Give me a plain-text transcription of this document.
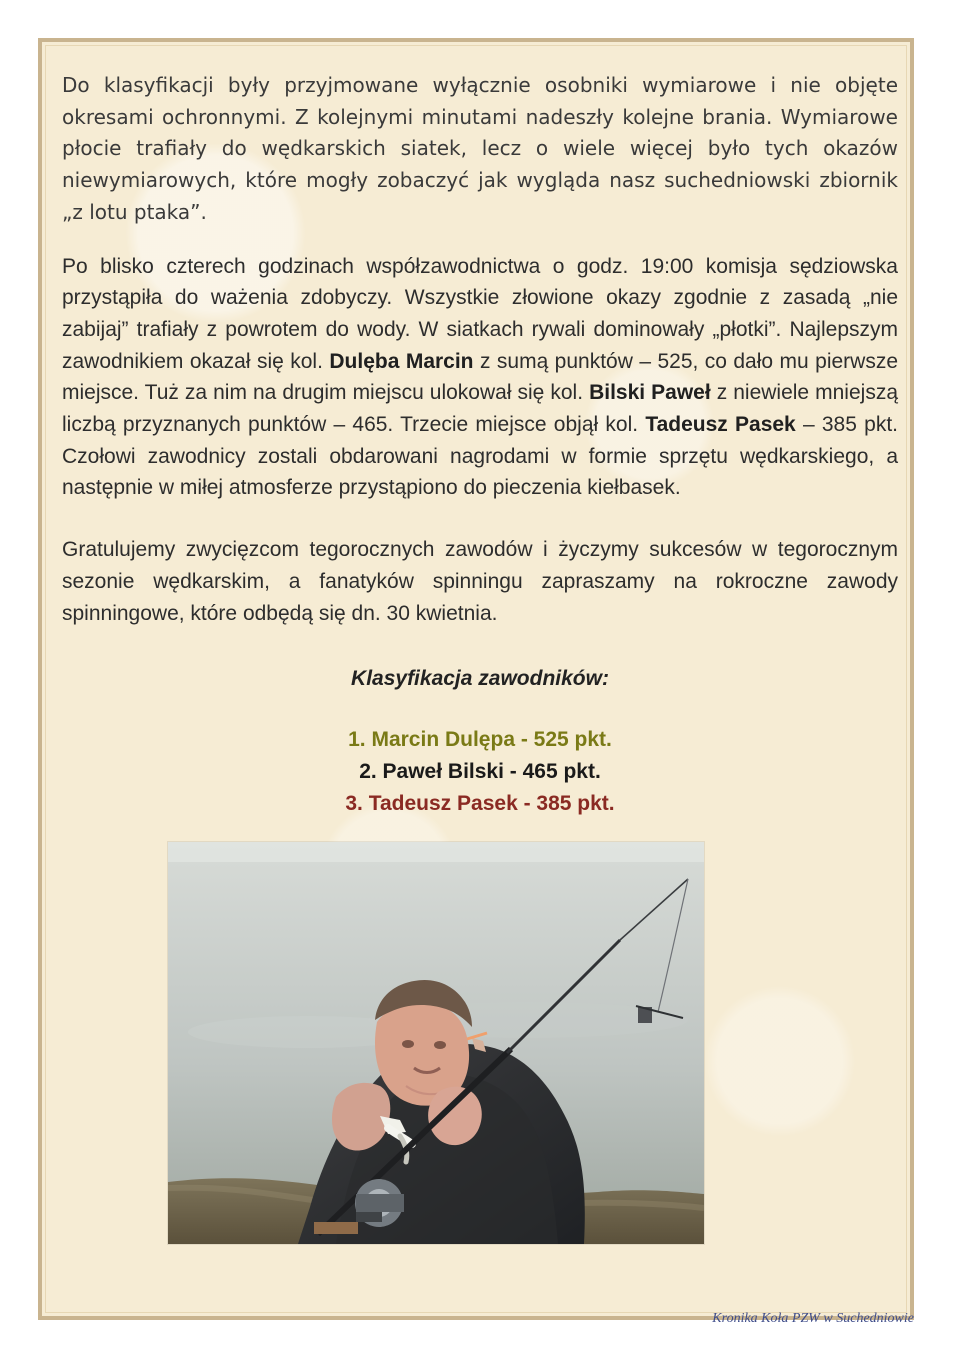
Do klasyfikacji były przyjmowane wyłącznie osobniki wymiarowe i nie objęte okresami ochronnymi. Z kolejnymi minutami nadeszły kolejne brania. Wymiarowe płocie trafiały do wędkarskich siatek, lecz o wiele więcej było tych okazów niewymiarowych, które mogły zobaczyć jak wygląda nasz suchedniowski zbiornik „z lotu ptaka”.

Po blisko czterech godzinach współzawodnictwa o godz. 19:00 komisja sędziowska przystąpiła do ważenia zdobyczy. Wszystkie złowione okazy zgodnie z zasadą „nie zabijaj” trafiały z powrotem do wody. W siatkach rywali dominowały „płotki”. Najlepszym zawodnikiem okazał się kol. Dulęba Marcin z sumą punktów – 525, co dało mu pierwsze miejsce. Tuż za nim na drugim miejscu ulokował się kol. Bilski Paweł z niewiele mniejszą liczbą przyznanych punktów – 465. Trzecie miejsce objął kol. Tadeusz Pasek – 385 pkt. Czołowi zawodnicy zostali obdarowani nagrodami w formie sprzętu wędkarskiego, a następnie w miłej atmosferze przystąpiono do pieczenia kiełbasek.

Gratulujemy zwycięzcom tegorocznych zawodów i życzymy sukcesów w tegorocznym sezonie wędkarskim, a fanatyków spinningu zapraszamy na rokroczne zawody spinningowe, które odbędą się dn. 30 kwietnia.

Klasyfikacja zawodników:
1. Marcin Dulępa - 525 pkt.
2. Paweł Bilski - 465 pkt.
3. Tadeusz Pasek - 385 pkt.
Kronika Koła PZW w Suchedniowie
